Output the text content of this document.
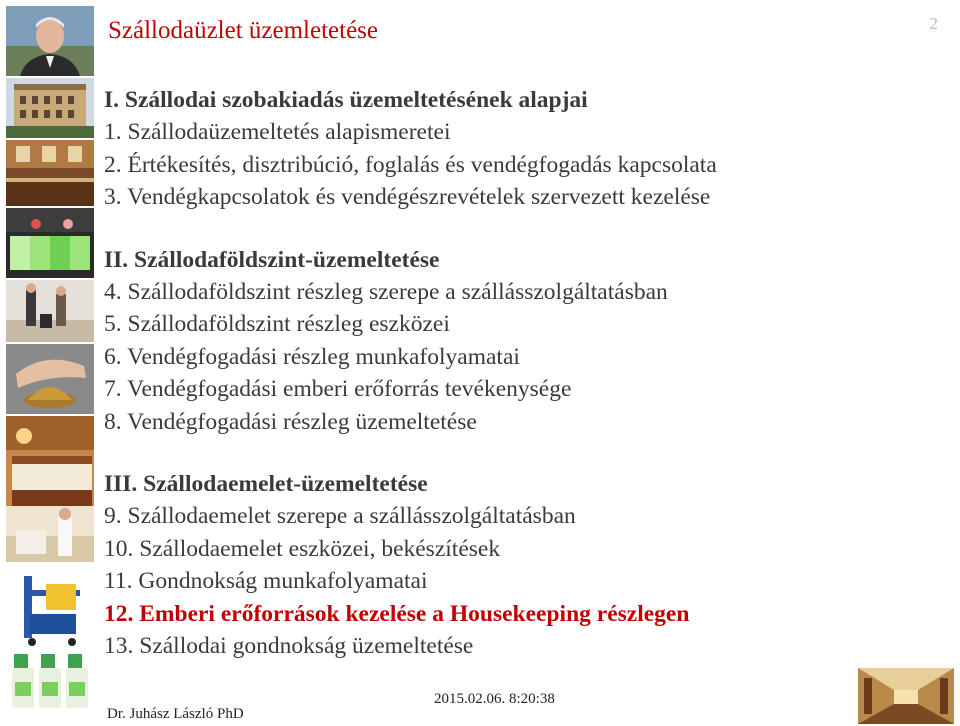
2
Szállodaüzlet üzemletetése
I. Szállodai szobakiadás üzemeltetésének alapjai
1. Szállodaüzemeltetés alapismeretei
2. Értékesítés, disztribúció, foglalás és vendégfogadás kapcsolata
3. Vendégkapcsolatok és vendégészrevételek szervezett kezelése
II. Szállodaföldszint-üzemeltetése
4. Szállodaföldszint részleg szerepe a szállásszolgáltatásban
5. Szállodaföldszint részleg eszközei
6. Vendégfogadási részleg munkafolyamatai
7. Vendégfogadási emberi erőforrás tevékenysége
8. Vendégfogadási részleg üzemeltetése
III. Szállodaemelet-üzemeltetése
9. Szállodaemelet szerepe a szállásszolgáltatásban
10. Szállodaemelet eszközei, bekészítések
11. Gondnokság munkafolyamatai
12. Emberi erőforrások kezelése a Housekeeping részlegen
13. Szállodai gondnokság üzemeltetése
2015.02.06. 8:20:38
Dr. Juhász László PhD
